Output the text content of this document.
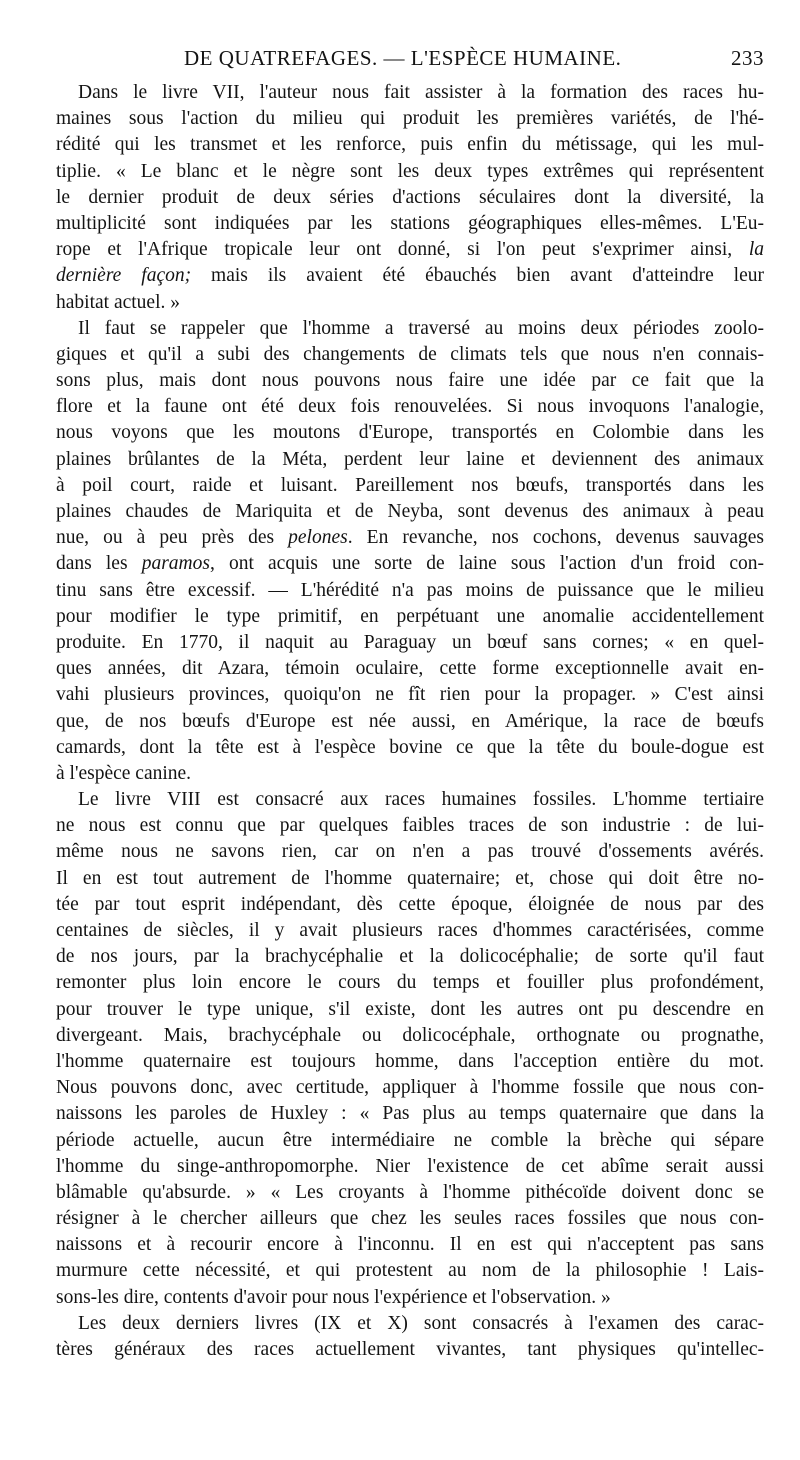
DE QUATREFAGES. — L'ESPÈCE HUMAINE.	233
Dans le livre VII, l'auteur nous fait assister à la formation des races hu-
maines sous l'action du milieu qui produit les premières variétés, de l'hé-
rédité qui les transmet et les renforce, puis enfin du métissage, qui les mul-
tiplie. « Le blanc et le nègre sont les deux types extrêmes qui représentent
le dernier produit de deux séries d'actions séculaires dont la diversité, la
multiplicité sont indiquées par les stations géographiques elles-mêmes. L'Eu-
rope et l'Afrique tropicale leur ont donné, si l'on peut s'exprimer ainsi, la
dernière façon; mais ils avaient été ébauchés bien avant d'atteindre leur
habitat actuel. »
Il faut se rappeler que l'homme a traversé au moins deux périodes zoolo-
giques et qu'il a subi des changements de climats tels que nous n'en connais-
sons plus, mais dont nous pouvons nous faire une idée par ce fait que la
flore et la faune ont été deux fois renouvelées. Si nous invoquons l'analogie,
nous voyons que les moutons d'Europe, transportés en Colombie dans les
plaines brûlantes de la Méta, perdent leur laine et deviennent des animaux
à poil court, raide et luisant. Pareillement nos bœufs, transportés dans les
plaines chaudes de Mariquita et de Neyba, sont devenus des animaux à peau
nue, ou à peu près des pelones. En revanche, nos cochons, devenus sauvages
dans les paramos, ont acquis une sorte de laine sous l'action d'un froid con-
tinu sans être excessif. — L'hérédité n'a pas moins de puissance que le milieu
pour modifier le type primitif, en perpétuant une anomalie accidentellement
produite. En 1770, il naquit au Paraguay un bœuf sans cornes; « en quel-
ques années, dit Azara, témoin oculaire, cette forme exceptionnelle avait en-
vahi plusieurs provinces, quoiqu'on ne fît rien pour la propager. » C'est ainsi
que, de nos bœufs d'Europe est née aussi, en Amérique, la race de bœufs
camards, dont la tête est à l'espèce bovine ce que la tête du boule-dogue est
à l'espèce canine.
Le livre VIII est consacré aux races humaines fossiles. L'homme tertiaire
ne nous est connu que par quelques faibles traces de son industrie : de lui-
même nous ne savons rien, car on n'en a pas trouvé d'ossements avérés.
Il en est tout autrement de l'homme quaternaire; et, chose qui doit être no-
tée par tout esprit indépendant, dès cette époque, éloignée de nous par des
centaines de siècles, il y avait plusieurs races d'hommes caractérisées, comme
de nos jours, par la brachycéphalie et la dolicocéphalie; de sorte qu'il faut
remonter plus loin encore le cours du temps et fouiller plus profondément,
pour trouver le type unique, s'il existe, dont les autres ont pu descendre en
divergeant. Mais, brachycéphale ou dolicocéphale, orthognate ou prognathe,
l'homme quaternaire est toujours homme, dans l'acception entière du mot.
Nous pouvons donc, avec certitude, appliquer à l'homme fossile que nous con-
naissons les paroles de Huxley : « Pas plus au temps quaternaire que dans la
période actuelle, aucun être intermédiaire ne comble la brèche qui sépare
l'homme du singe-anthropomorphe. Nier l'existence de cet abîme serait aussi
blâmable qu'absurde. » « Les croyants à l'homme pithécoïde doivent donc se
résigner à le chercher ailleurs que chez les seules races fossiles que nous con-
naissons et à recourir encore à l'inconnu. Il en est qui n'acceptent pas sans
murmure cette nécessité, et qui protestent au nom de la philosophie ! Lais-
sons-les dire, contents d'avoir pour nous l'expérience et l'observation. »
Les deux derniers livres (IX et X) sont consacrés à l'examen des carac-
tères généraux des races actuellement vivantes, tant physiques qu'intellec-
